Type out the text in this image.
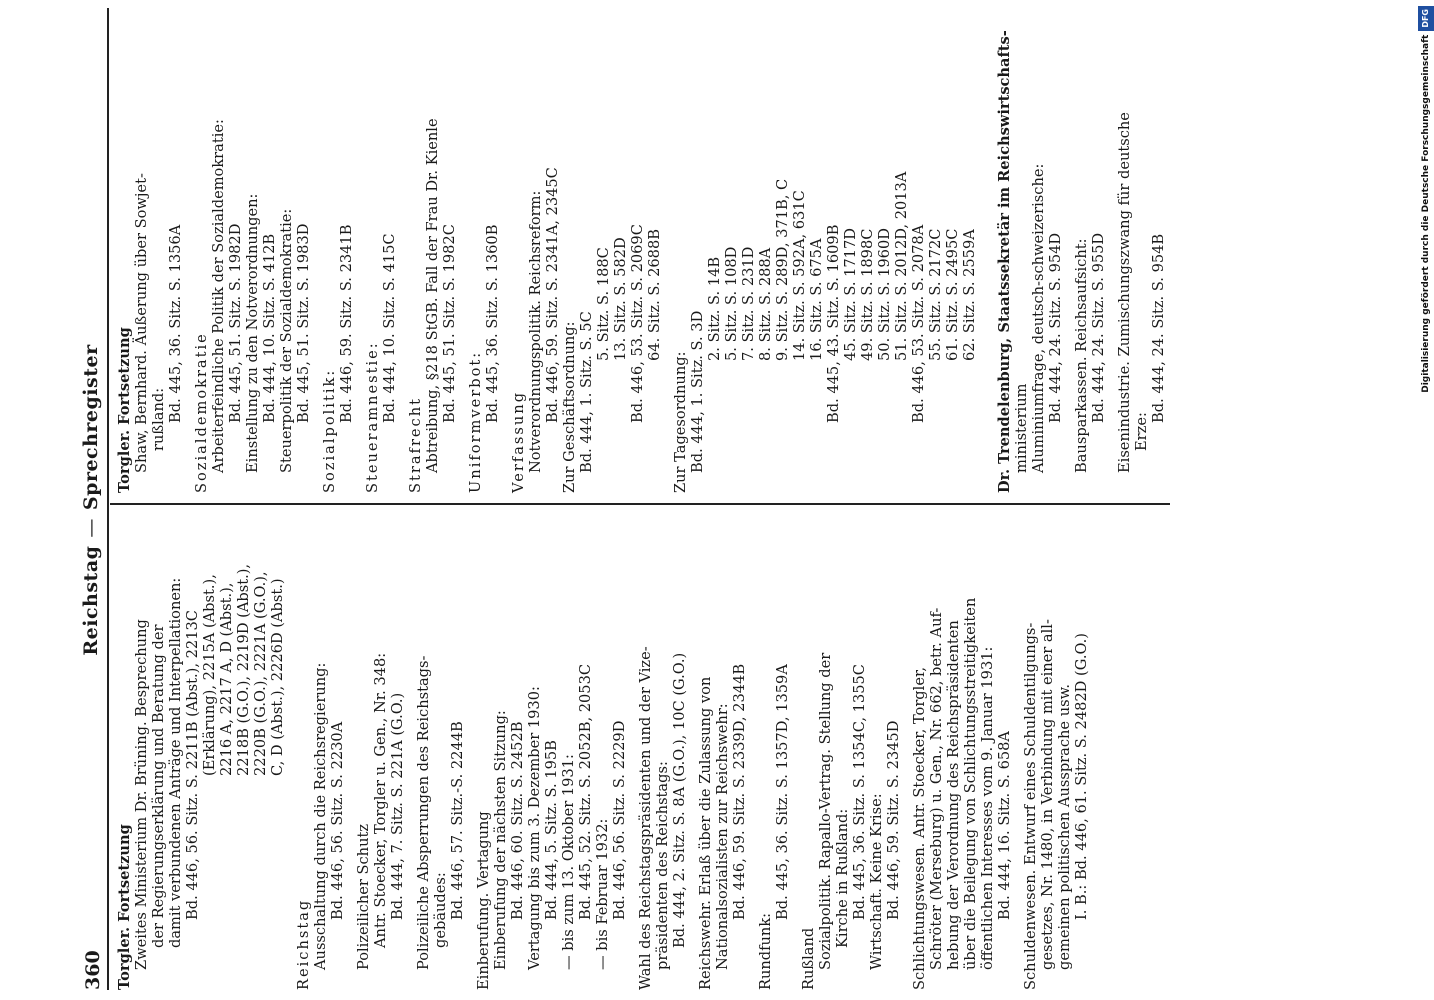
360
Reichstag—Sprechregister
Torgler. Fortsetzung Zweites Ministerium Dr. Brüning. Besprechung der Regierungserklärung und Beratung der damit verbundenen Anträge und Interpellationen: Bd. 446, 56. Sitz. S. 2211B (Abst.), 2213C (Erklärung), 2215A (Abst.), 2216 A, 2217 A, D (Abst.), 2218B (G.O.), 2219D (Abst.), 2220B (G.O.), 2221A (G.O.), C, D (Abst.), 2226D (Abst.)
Reichstag Ausschaltung durch die Reichsregierung: Bd. 446, 56. Sitz. S. 2230A Polizeilicher Schutz Antr. Stoecker, Torgler u. Gen., Nr. 348: Bd. 444, 7. Sitz. S. 221A (G.O.) Polizeiliche Absperrungen des Reichstags- gebäudes: Bd. 446, 57. Sitz.-S. 2244B Einberufung. Vertagung Einberufung der nächsten Sitzung: Bd. 446, 60. Sitz. S. 2452B Vertagung bis zum 3. Dezember 1930: Bd. 444, 5. Sitz. S. 195B — bis zum 13. Oktober 1931: Bd. 445, 52. Sitz. S. 2052B, 2053C — bis Februar 1932: Bd. 446, 56. Sitz. S. 2229D Wahl des Reichstagspräsidenten und der Vize- präsidenten des Reichstags: Bd. 444, 2. Sitz. S. 8A (G.O.), 10C (G.O.) Reichswehr. Erlaß über die Zulassung von Nationalsozialisten zur Reichswehr: Bd. 446, 59. Sitz. S. 2339D, 2344B
Rundfunk:
Bd. 445, 36. Sitz. S. 1357D, 1359A
Rußland Sozialpolitik. Rapallo-Vertrag. Stellung der Kirche in Rußland: Bd. 445, 36. Sitz. S. 1354C, 1355C Wirtschaft. Keine Krise: Bd. 446, 59. Sitz. S. 2345D Schlichtungswesen. Antr. Stoecker, Torgler, Schröter (Merseburg) u. Gen., Nr. 662, betr. Auf- hebung der Verordnung des Reichspräsidenten über die Beilegung von Schlichtungsstreitigkeiten öffentlichen Interesses vom 9. Januar 1931: Bd. 444, 16. Sitz. S. 658A Schuldenwesen. Entwurf eines Schuldentilgungs- gesetzes, Nr. 1480, in Verbindung mit einer all- gemeinen politischen Aussprache usw. I. B.: Bd. 446, 61. Sitz. S. 2482D (G.O.)
Torgler. Fortsetzung Shaw, Bernhard. Äußerung über Sowjet- rußland: Bd. 445, 36. Sitz. S. 1356A Sozialdemokratie Arbeiterfeindliche Politik der Sozialdemokratie: Bd. 445, 51. Sitz. S. 1982D Einstellung zu den Notverordnungen: Bd. 444, 10. Sitz. S. 412B Steuerpolitik der Sozialdemokratie: Bd. 445, 51. Sitz. S. 1983D
Sozialpolitik:
Bd. 446, 59. Sitz. S. 2341B Steueramnestie: Bd. 444, 10. Sitz. S. 415C
Strafrecht Abtreibung, §218 StGB. Fall der Frau Dr. Kienle Bd. 445, 51. Sitz. S. 1982C Uniformverbot: Bd. 445, 36. Sitz. S. 1360B
Verfassung Notverordnungspolitik. Reichsreform: Bd. 446, 59. Sitz. S. 2341A, 2345C Zur Geschäftsordnung: Bd. 444, 1. Sitz. S. 5C
5. Sitz. S. 188C 13. Sitz. S. 582D Bd. 446, 53. Sitz. S. 2069C 64. Sitz. S. 2688B
Zur Tagesordnung: Bd. 444, 1. Sitz. S. 3D
2. Sitz. S. 14B 5. Sitz. S. 108D 7. Sitz. S. 231D 8. Sitz. S. 288A 9. Sitz. S. 289D, 371B, C 14. Sitz. S. 592A, 631C 16. Sitz. S. 675A Bd. 445, 43. Sitz. S. 1609B 45. Sitz. S. 1717D 49. Sitz. S. 1898C 50. Sitz. S. 1960D 51. Sitz. S. 2012D, 2013A Bd. 446, 53. Sitz. S. 2078A 55. Sitz. S. 2172C 61. Sitz. S. 2495C 62. Sitz. S. 2559A Dr. Trendelenburg, Staatssekretär im Reichswirtschafts- ministerium Aluminiumfrage, deutsch-schweizerische: Bd. 444, 24. Sitz. S. 954D Bausparkassen. Reichsaufsicht: Bd. 444, 24. Sitz. S. 955D Eisenindustrie. Zumischungszwang für deutsche Erze:
Bd. 444, 24. Sitz. S. 954B	Digitalisierung gefördert durch die Deutsche ForschungsgemeinschaftDFG
